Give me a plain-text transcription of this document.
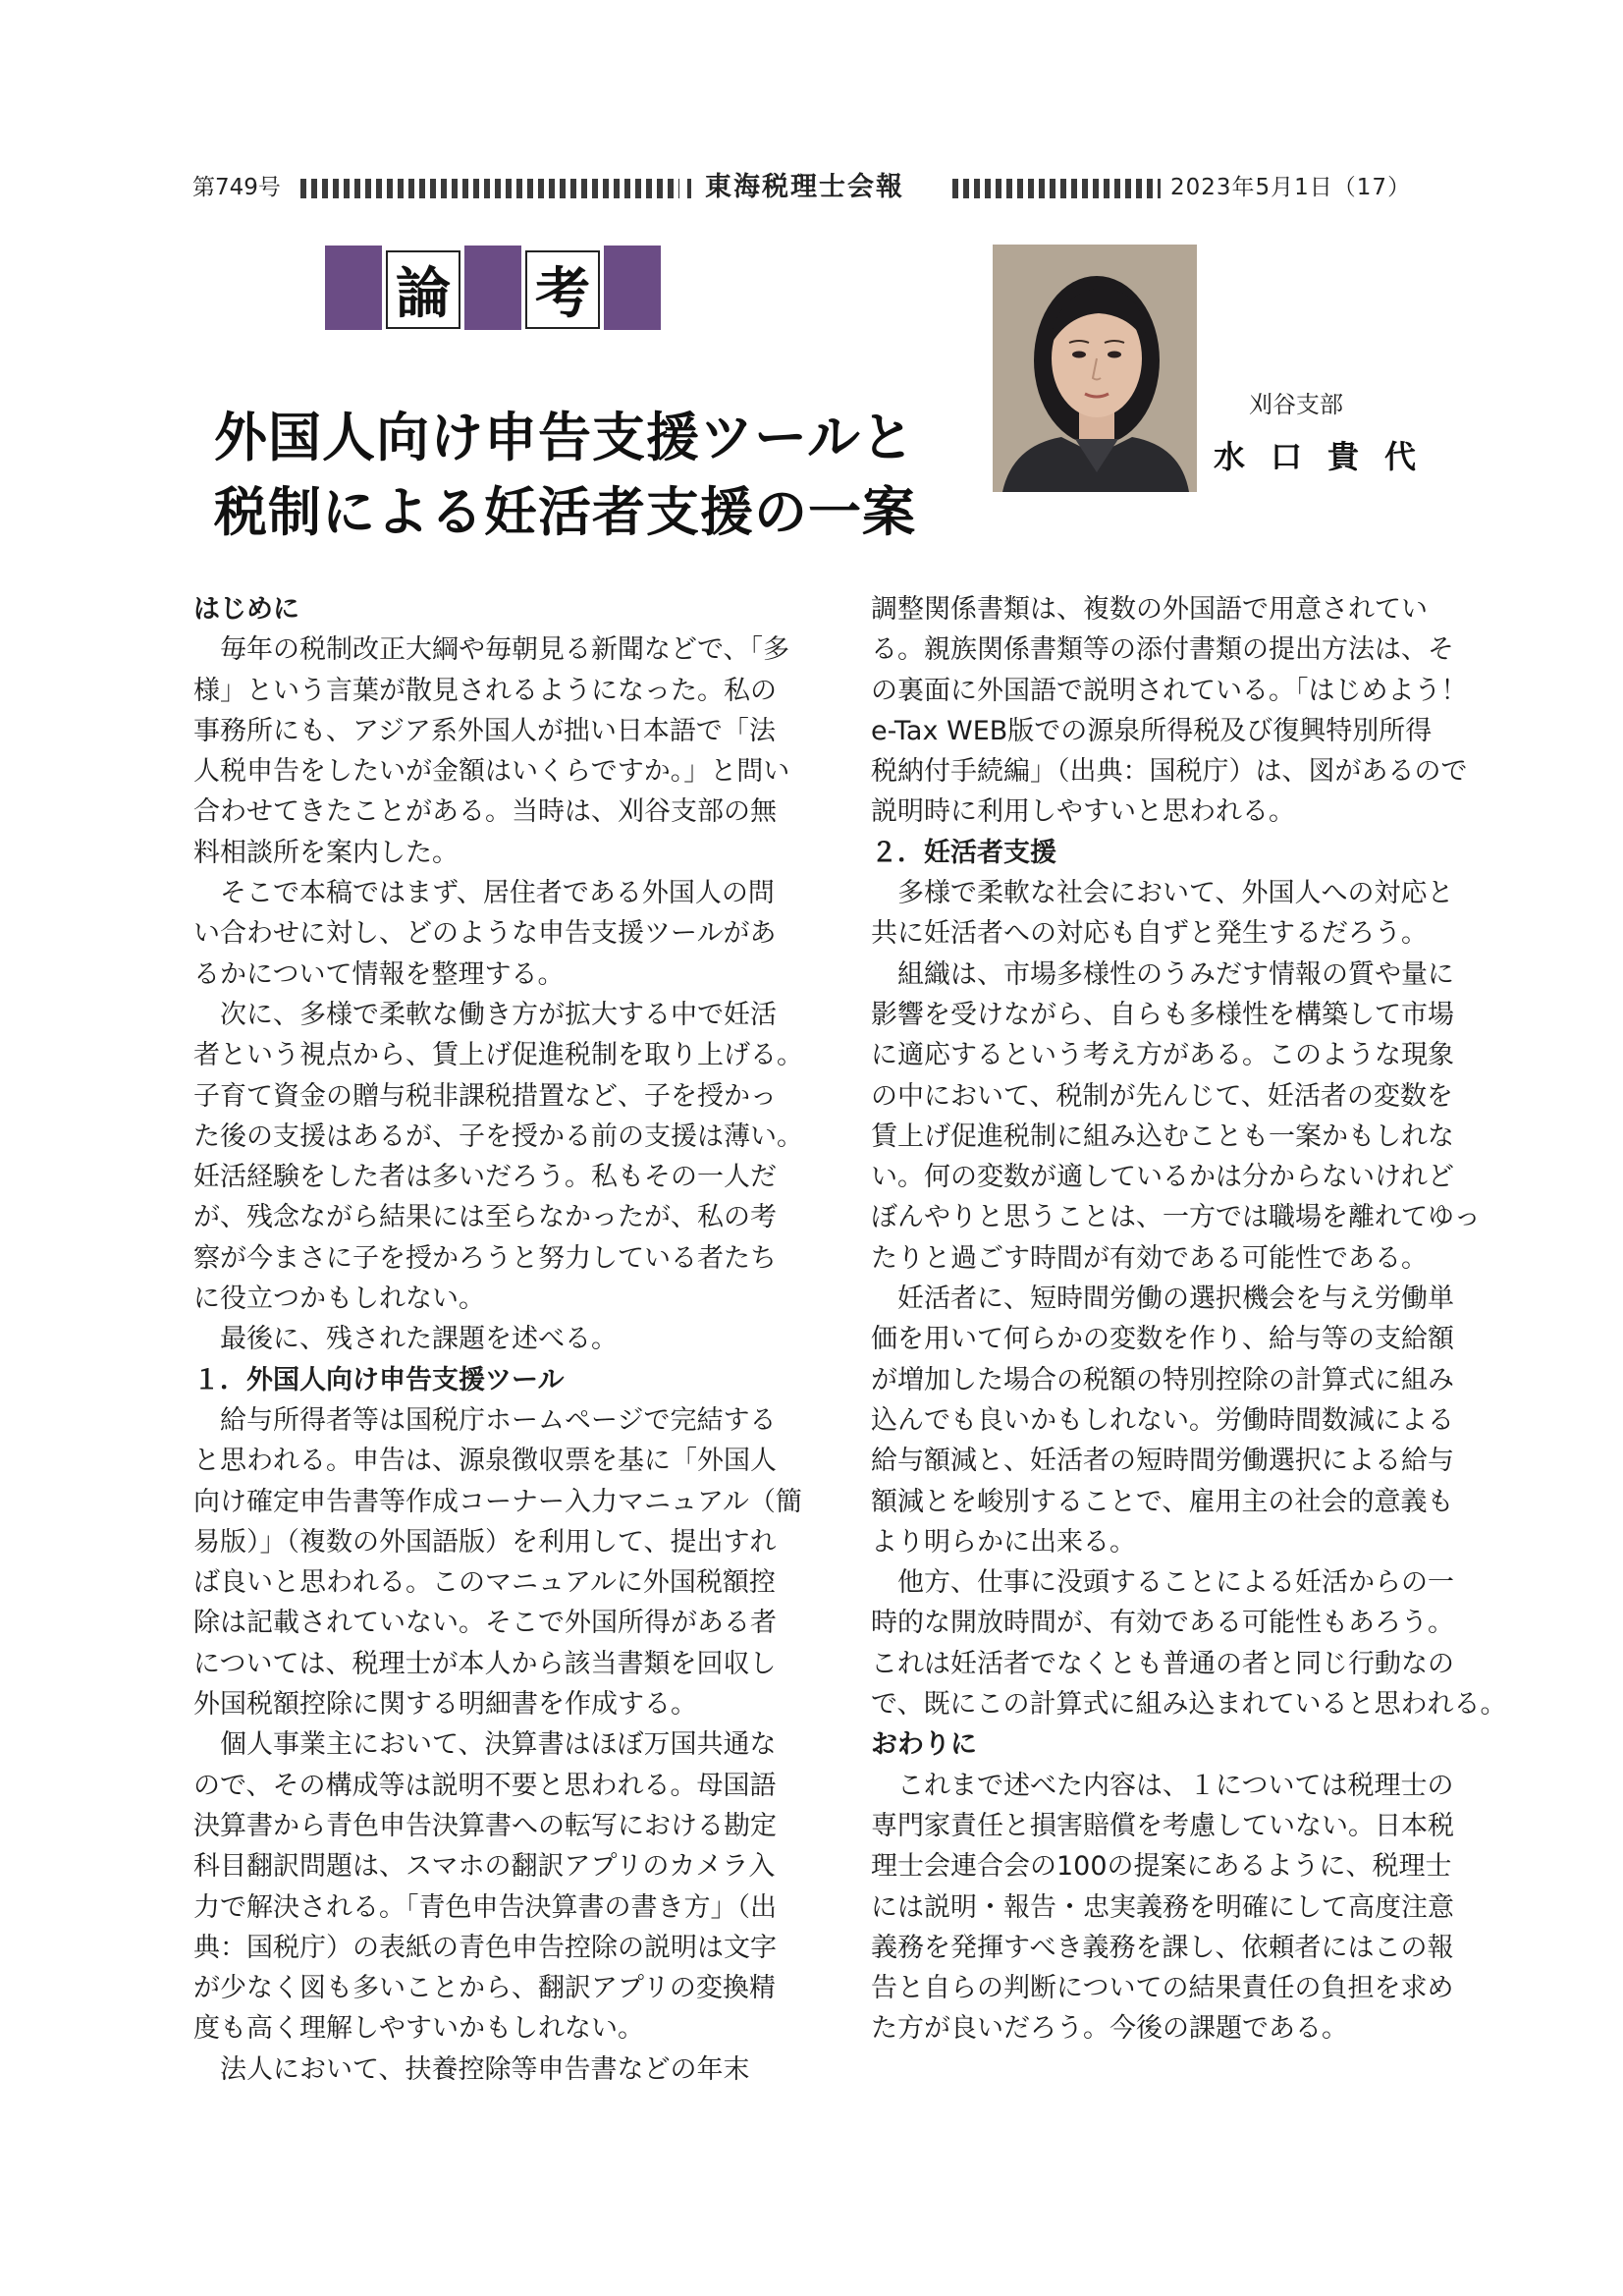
第749号	東海税理士会報	2023年5月1日（17）
論 考
外国人向け申告支援ツールと
税制による妊活者支援の一案
刈谷支部
水口貴代

はじめに

　毎年の税制改正大綱や毎朝見る新聞などで、「多

様」という言葉が散見されるようになった。私の

事務所にも、アジア系外国人が拙い日本語で「法

人税申告をしたいが金額はいくらですか。」と問い

合わせてきたことがある。当時は、刈谷支部の無

料相談所を案内した。

　そこで本稿ではまず、居住者である外国人の問

い合わせに対し、どのような申告支援ツールがあ

るかについて情報を整理する。

　次に、多様で柔軟な働き方が拡大する中で妊活

者という視点から、賃上げ促進税制を取り上げる。

子育て資金の贈与税非課税措置など、子を授かっ

た後の支援はあるが、子を授かる前の支援は薄い。

妊活経験をした者は多いだろう。私もその一人だ

が、残念ながら結果には至らなかったが、私の考

察が今まさに子を授かろうと努力している者たち

に役立つかもしれない。

　最後に、残された課題を述べる。

１．外国人向け申告支援ツール

　給与所得者等は国税庁ホームページで完結する

と思われる。申告は、源泉徴収票を基に「外国人

向け確定申告書等作成コーナー入力マニュアル（簡

易版）」（複数の外国語版）を利用して、提出すれ

ば良いと思われる。このマニュアルに外国税額控

除は記載されていない。そこで外国所得がある者

については、税理士が本人から該当書類を回収し

外国税額控除に関する明細書を作成する。

　個人事業主において、決算書はほぼ万国共通な

ので、その構成等は説明不要と思われる。母国語

決算書から青色申告決算書への転写における勘定

科目翻訳問題は、スマホの翻訳アプリのカメラ入

力で解決される。「青色申告決算書の書き方」（出

典：国税庁）の表紙の青色申告控除の説明は文字

が少なく図も多いことから、翻訳アプリの変換精

度も高く理解しやすいかもしれない。

　法人において、扶養控除等申告書などの年末

調整関係書類は、複数の外国語で用意されてい

る。親族関係書類等の添付書類の提出方法は、そ

の裏面に外国語で説明されている。「はじめよう！

e-Tax WEB版での源泉所得税及び復興特別所得

税納付手続編」（出典：国税庁）は、図があるので

説明時に利用しやすいと思われる。

２．妊活者支援

　多様で柔軟な社会において、外国人への対応と

共に妊活者への対応も自ずと発生するだろう。

　組織は、市場多様性のうみだす情報の質や量に

影響を受けながら、自らも多様性を構築して市場

に適応するという考え方がある。このような現象

の中において、税制が先んじて、妊活者の変数を

賃上げ促進税制に組み込むことも一案かもしれな

い。何の変数が適しているかは分からないけれど

ぼんやりと思うことは、一方では職場を離れてゆっ

たりと過ごす時間が有効である可能性である。

　妊活者に、短時間労働の選択機会を与え労働単

価を用いて何らかの変数を作り、給与等の支給額

が増加した場合の税額の特別控除の計算式に組み

込んでも良いかもしれない。労働時間数減による

給与額減と、妊活者の短時間労働選択による給与

額減とを峻別することで、雇用主の社会的意義も

より明らかに出来る。

　他方、仕事に没頭することによる妊活からの一

時的な開放時間が、有効である可能性もあろう。

これは妊活者でなくとも普通の者と同じ行動なの

で、既にこの計算式に組み込まれていると思われる。

おわりに

　これまで述べた内容は、１については税理士の

専門家責任と損害賠償を考慮していない。日本税

理士会連合会の100の提案にあるように、税理士

には説明・報告・忠実義務を明確にして高度注意

義務を発揮すべき義務を課し、依頼者にはこの報

告と自らの判断についての結果責任の負担を求め

た方が良いだろう。今後の課題である。
